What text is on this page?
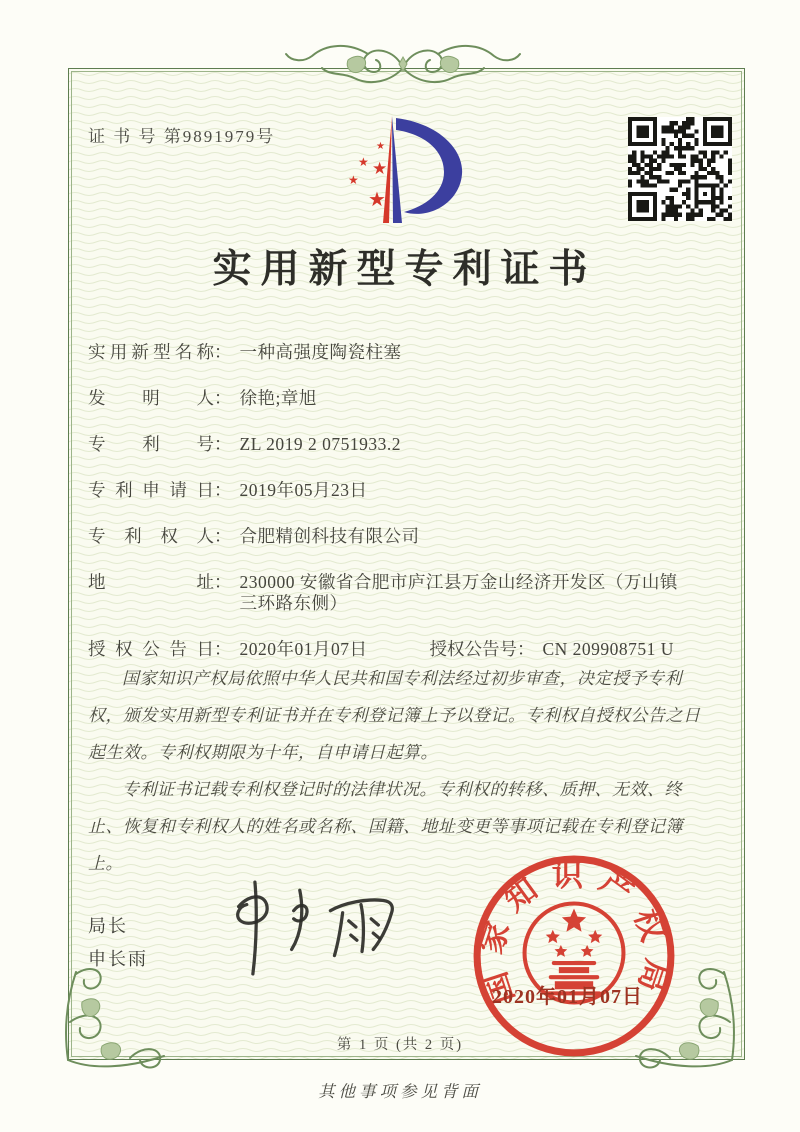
证 书 号 第9891979号
★
★ ★
★
★
实用新型专利证书
实用新型名称 ： 一种高强度陶瓷柱塞
发明人 ： 徐艳;章旭
专利号 ： ZL 2019 2 0751933.2
专利申请日 ： 2019年05月23日
专利权人 ： 合肥精创科技有限公司
地址 ： 230000 安徽省合肥市庐江县万金山经济开发区（万山镇三环路东侧）
授权公告日 ： 2020年01月07日	授权公告号 ： CN 209908751 U

国家知识产权局依照中华人民共和国专利法经过初步审查，决定授予专利权，颁发实用新型专利证书并在专利登记簿上予以登记。专利权自授权公告之日起生效。专利权期限为十年，自申请日起算。

专利证书记载专利权登记时的法律状况。专利权的转移、质押、无效、终止、恢复和专利权人的姓名或名称、国籍、地址变更等事项记载在专利登记簿上。

局长
申长雨	国家知识产权局
2020年01月07日
第 1 页 (共 2 页)
其他事项参见背面
